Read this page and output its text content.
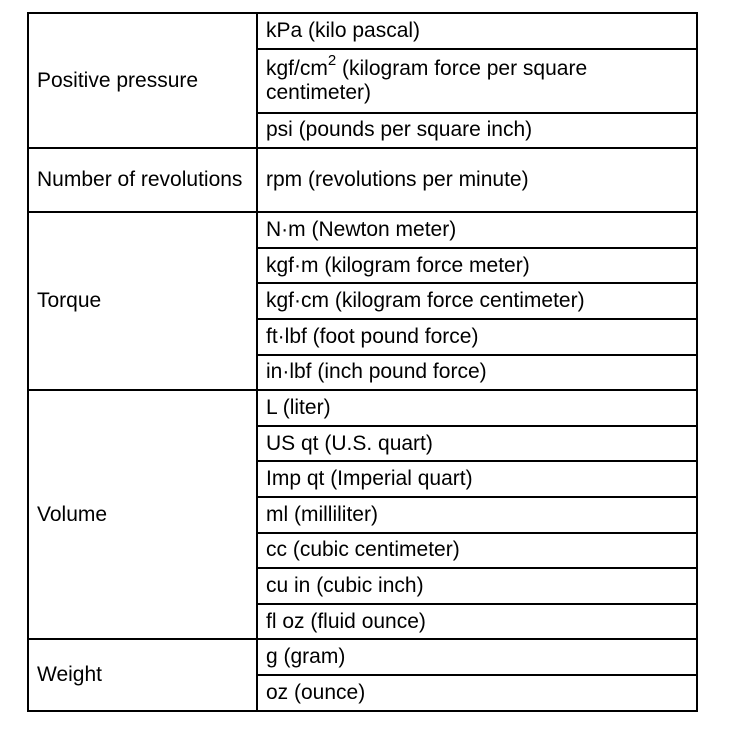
Positive pressure	kPa (kilo pascal)
	kgf/$cm^2$ (kilogram force per square centimeter)
	psi (pounds per square inch)
Number of revolutions	rpm (revolutions per minute)
Torque	N·m (Newton meter)
	kgf·m (kilogram force meter)
	kgf·cm (kilogram force centimeter)
	ft·lbf (foot pound force)
	in·lbf (inch pound force)
Volume	L (liter)
	US qt (U.S. quart)
	Imp qt (Imperial quart)
	ml (milliliter)
	cc (cubic centimeter)
	cu in (cubic inch)
	fl oz (fluid ounce)
Weight	g (gram)
	oz (ounce)
